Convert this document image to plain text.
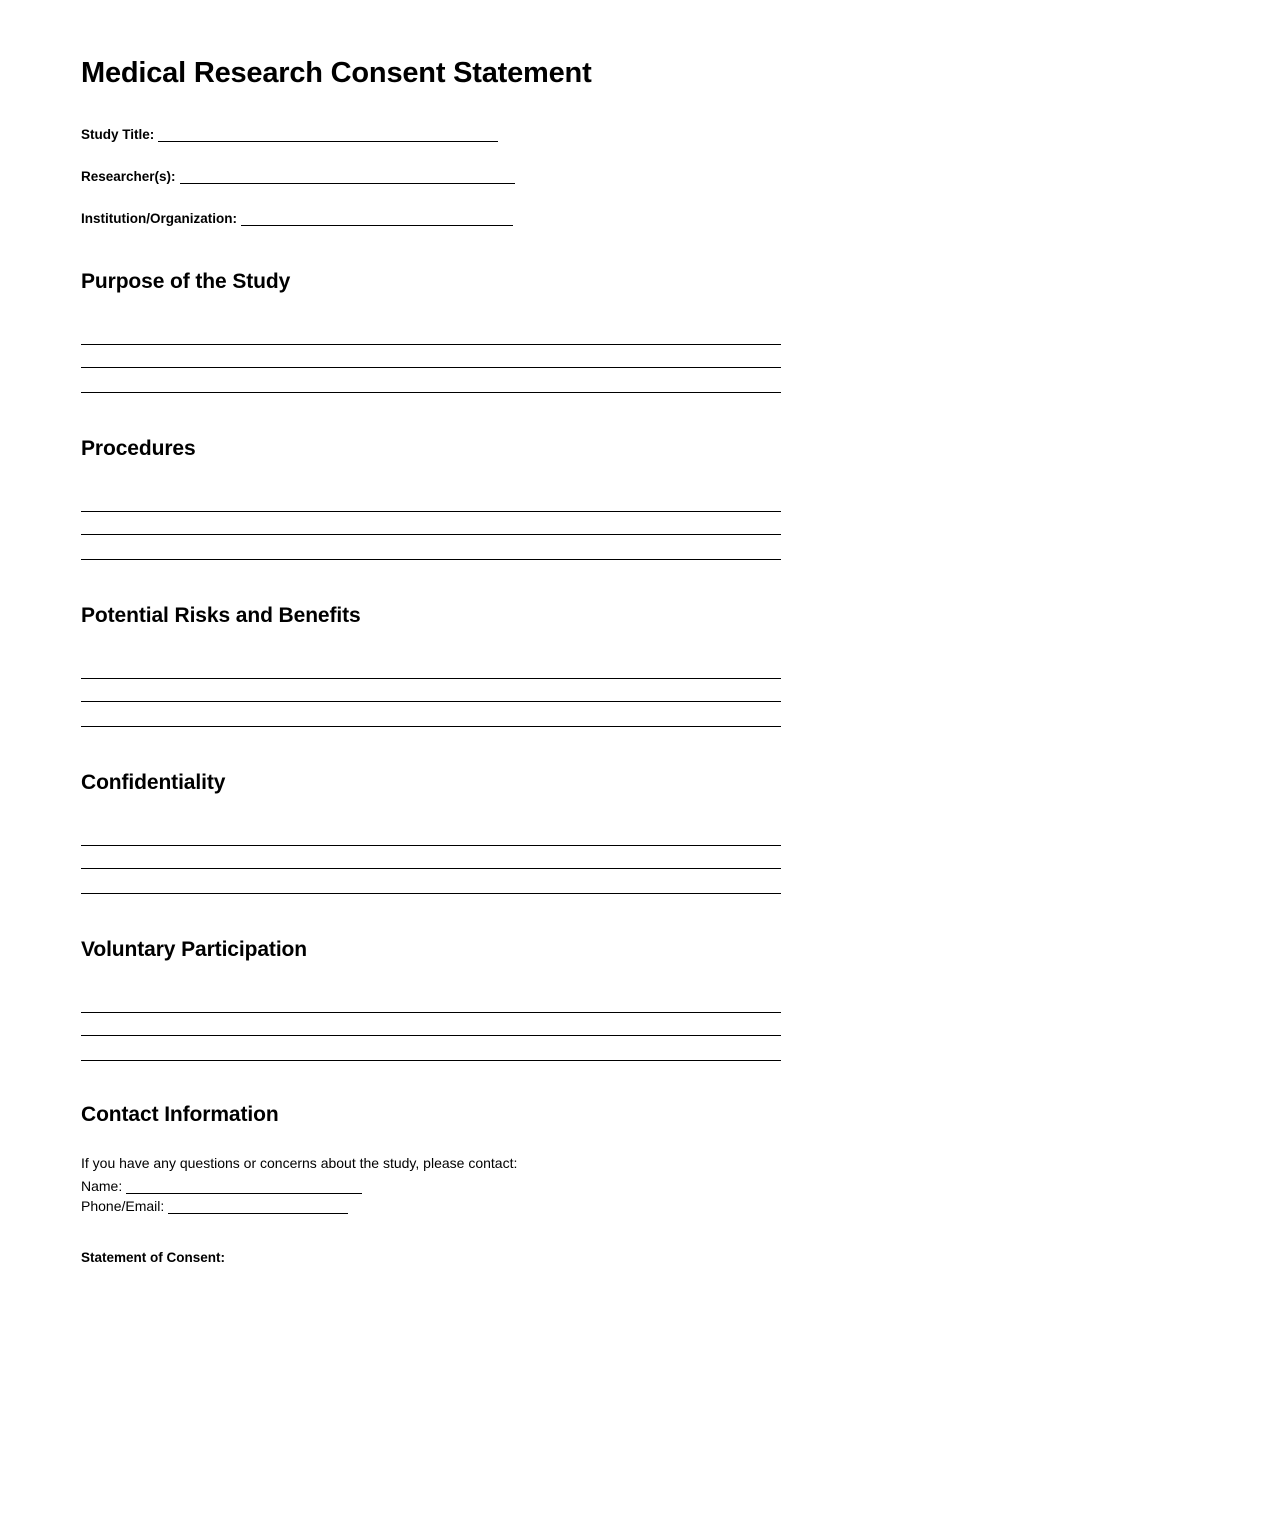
Medical Research Consent Statement
Study Title:
Researcher(s):
Institution/Organization:
Purpose of the Study
Procedures
Potential Risks and Benefits
Confidentiality
Voluntary Participation
Contact Information
If you have any questions or concerns about the study, please contact:
Name:
Phone/Email:
Statement of Consent:
